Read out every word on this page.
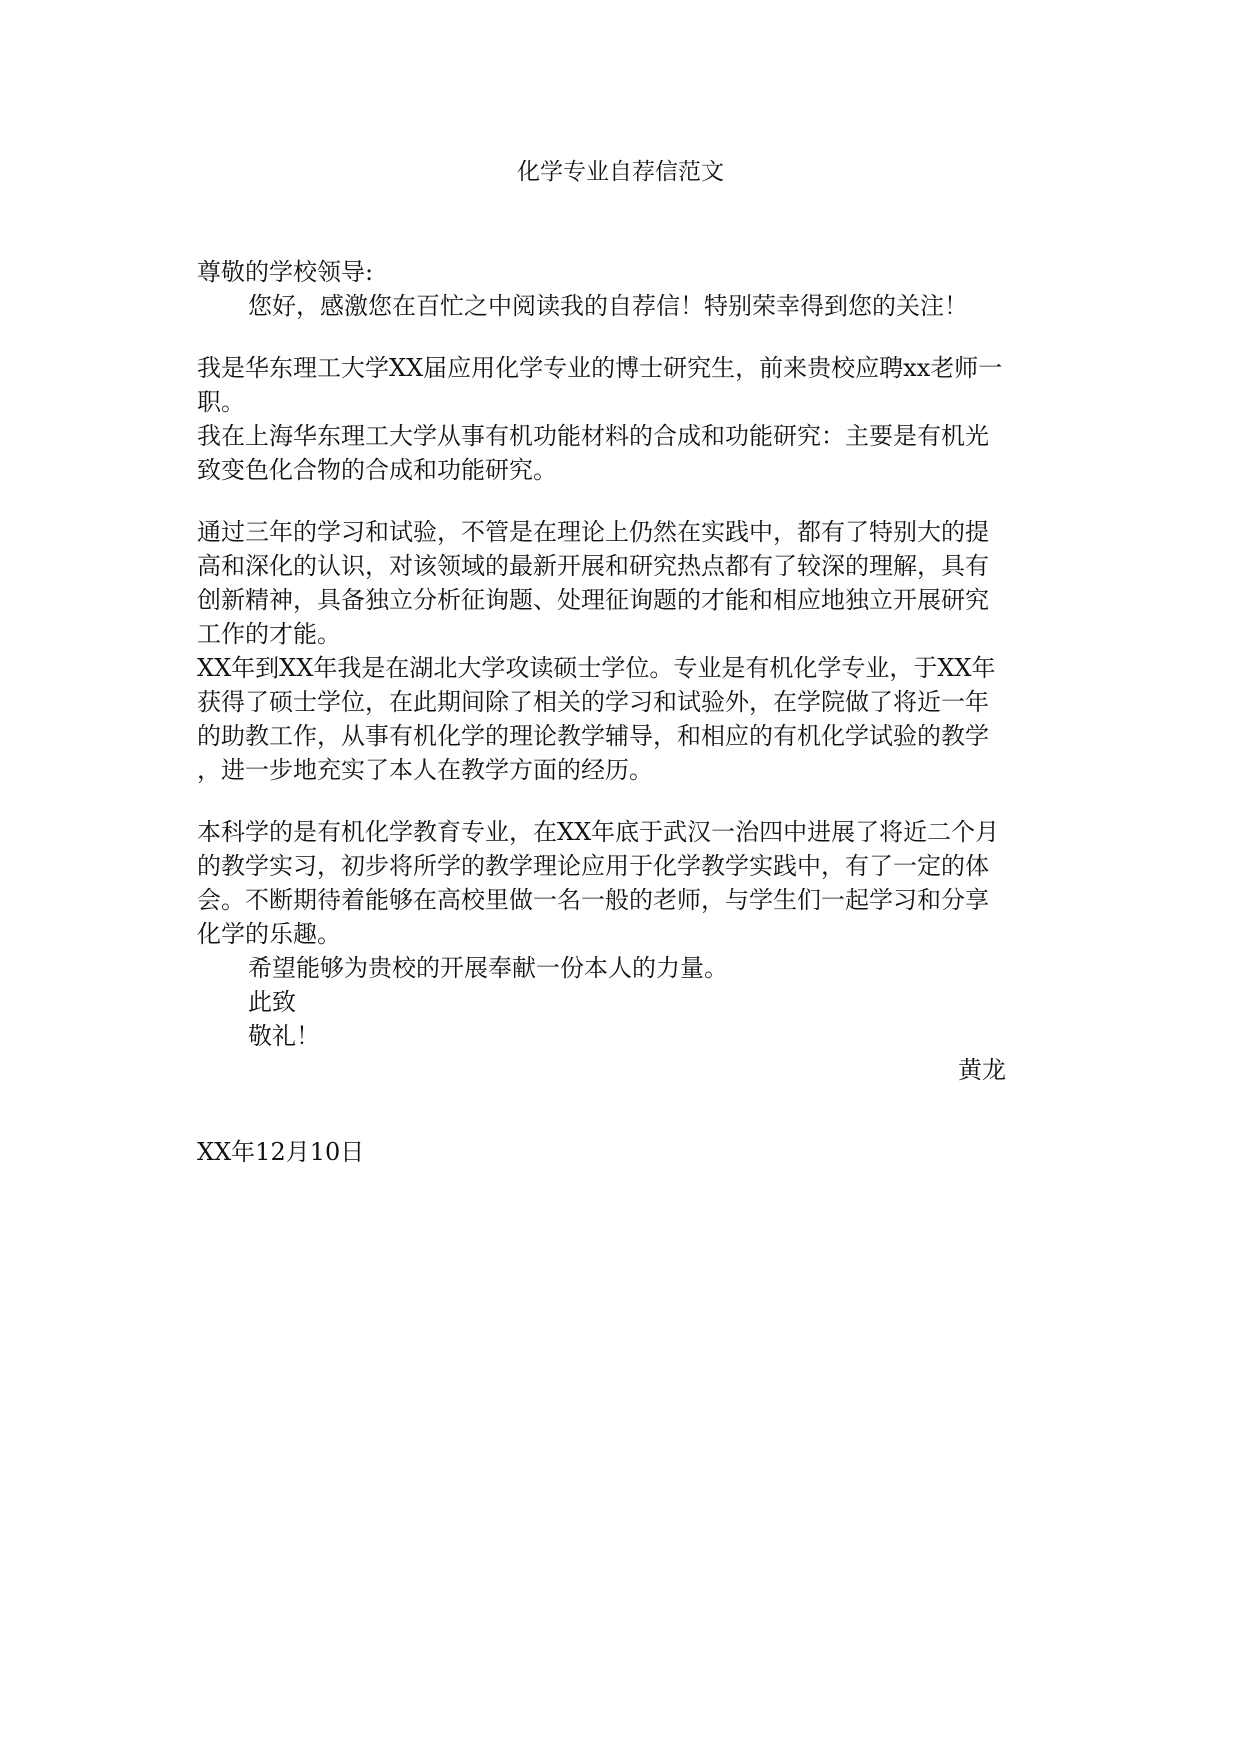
化学专业自荐信范文
尊敬的学校领导:
您好，感激您在百忙之中阅读我的自荐信！特别荣幸得到您的关注！
我是华东理工大学XX届应用化学专业的博士研究生，前来贵校应聘xx老师一
职。
我在上海华东理工大学从事有机功能材料的合成和功能研究：主要是有机光
致变色化合物的合成和功能研究。
通过三年的学习和试验，不管是在理论上仍然在实践中，都有了特别大的提
高和深化的认识，对该领域的最新开展和研究热点都有了较深的理解，具有
创新精神，具备独立分析征询题、处理征询题的才能和相应地独立开展研究
工作的才能。
XX年到XX年我是在湖北大学攻读硕士学位。专业是有机化学专业，于XX年
获得了硕士学位，在此期间除了相关的学习和试验外，在学院做了将近一年
的助教工作，从事有机化学的理论教学辅导，和相应的有机化学试验的教学
，进一步地充实了本人在教学方面的经历。
本科学的是有机化学教育专业，在XX年底于武汉一治四中进展了将近二个月
的教学实习，初步将所学的教学理论应用于化学教学实践中，有了一定的体
会。不断期待着能够在高校里做一名一般的老师，与学生们一起学习和分享
化学的乐趣。
希望能够为贵校的开展奉献一份本人的力量。
此致
敬礼！
黄龙
XX年12月10日
